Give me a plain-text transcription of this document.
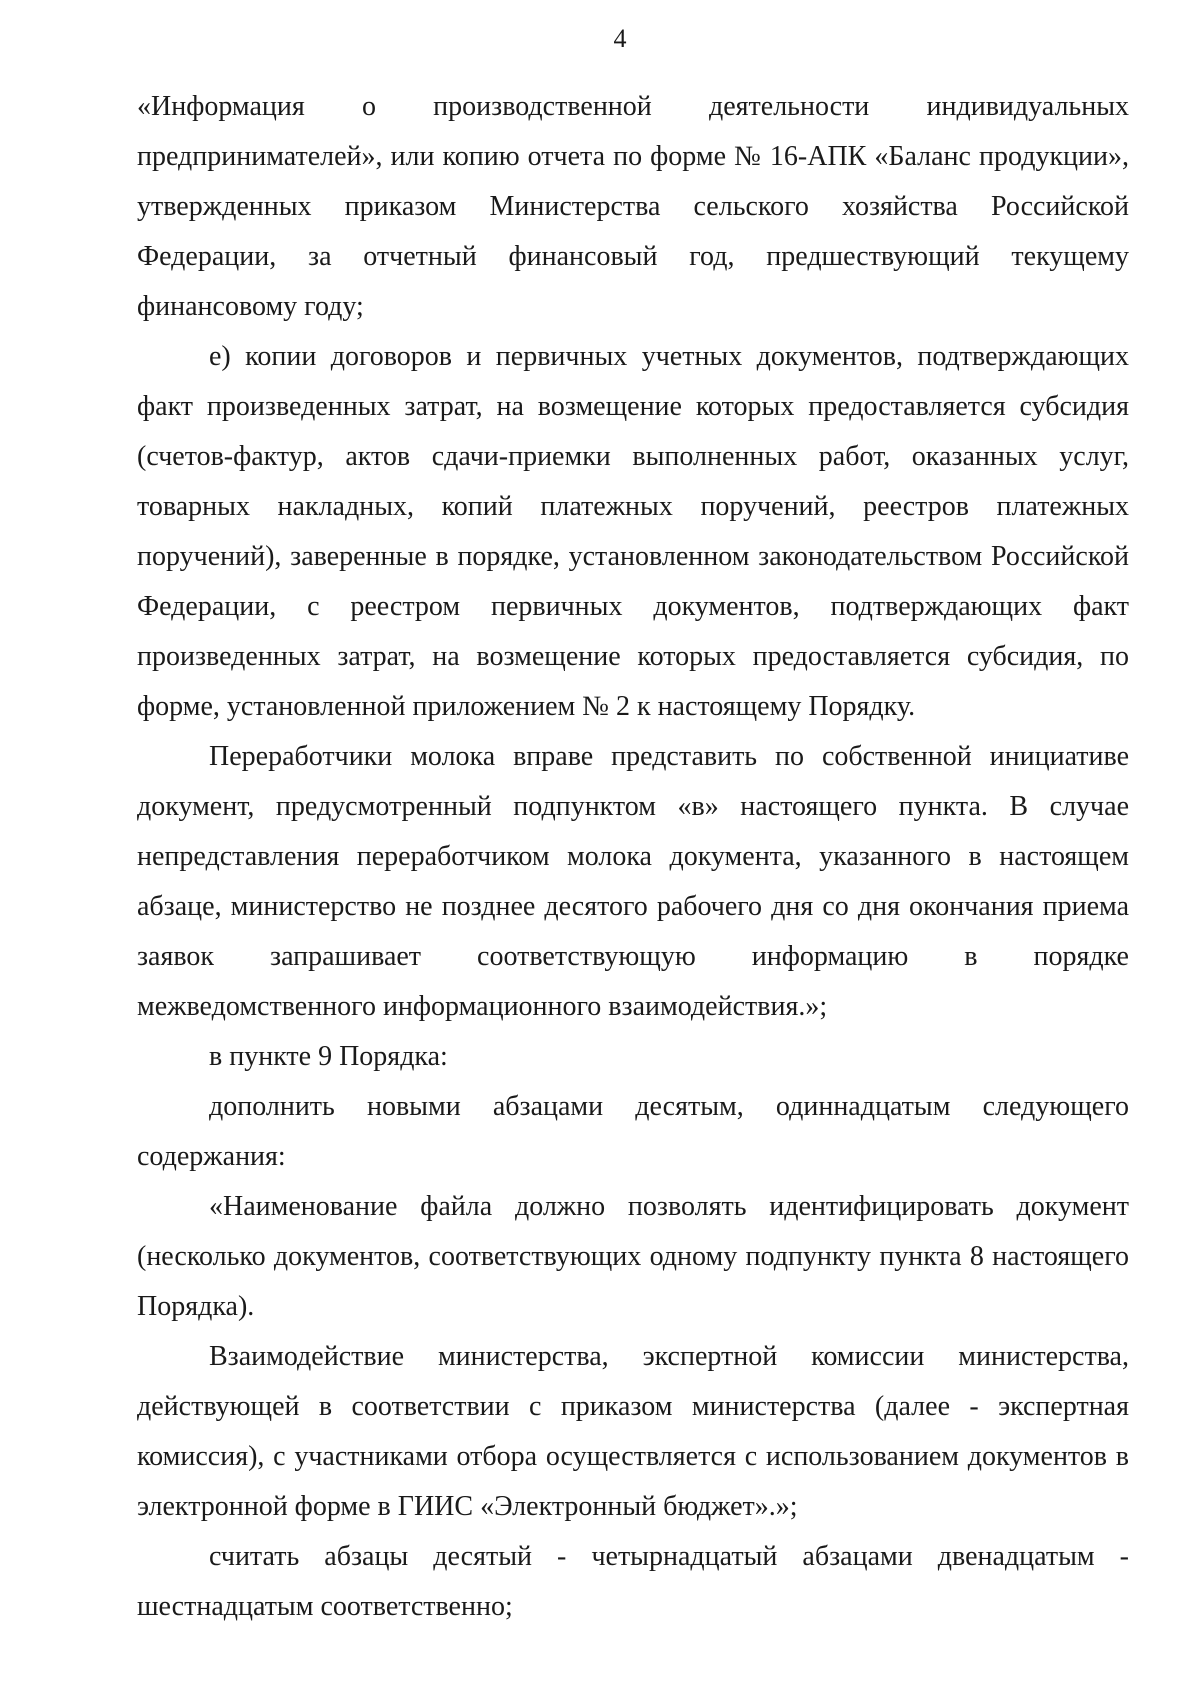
4

«Информация о производственной деятельности индивидуальных предпринимателей», или копию отчета по форме № 16-АПК «Баланс продукции», утвержденных приказом Министерства сельского хозяйства Российской Федерации, за отчетный финансовый год, предшествующий текущему финансовому году;

е) копии договоров и первичных учетных документов, подтверждающих факт произведенных затрат, на возмещение которых предоставляется субсидия (счетов-фактур, актов сдачи-приемки выполненных работ, оказанных услуг, товарных накладных, копий платежных поручений, реестров платежных поручений), заверенные в порядке, установленном законодательством Российской Федерации, с реестром первичных документов, подтверждающих факт произведенных затрат, на возмещение которых предоставляется субсидия, по форме, установленной приложением № 2 к настоящему Порядку.

Переработчики молока вправе представить по собственной инициативе документ, предусмотренный подпунктом «в» настоящего пункта. В случае непредставления переработчиком молока документа, указанного в настоящем абзаце, министерство не позднее десятого рабочего дня со дня окончания приема заявок запрашивает соответствующую информацию в порядке межведомственного информационного взаимодействия.»;

в пункте 9 Порядка:

дополнить новыми абзацами десятым, одиннадцатым следующего содержания:

«Наименование файла должно позволять идентифицировать документ (несколько документов, соответствующих одному подпункту пункта 8 настоящего Порядка).

Взаимодействие министерства, экспертной комиссии министерства, действующей в соответствии с приказом министерства (далее - экспертная комиссия), с участниками отбора осуществляется с использованием документов в электронной форме в ГИИС «Электронный бюджет».»;

считать абзацы десятый - четырнадцатый абзацами двенадцатым - шестнадцатым соответственно;
